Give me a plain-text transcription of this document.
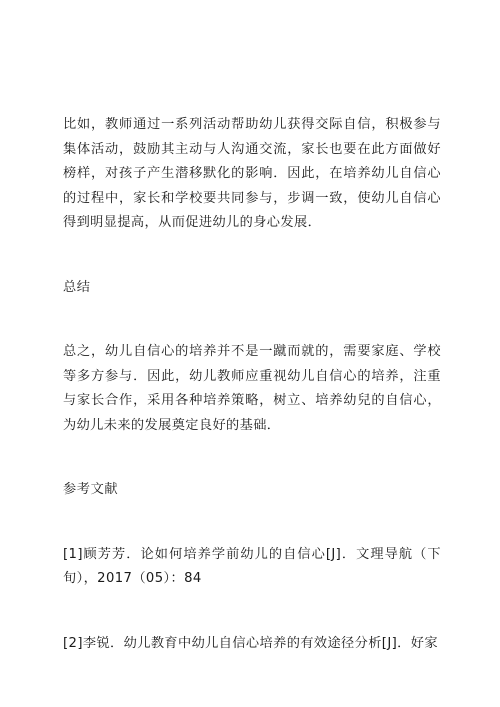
比如，教师通过一系列活动帮助幼儿获得交际自信，积极参与集体活动，鼓励其主动与人沟通交流，家长也要在此方面做好榜样，对孩子产生潜移默化的影响．因此，在培养幼儿自信心的过程中，家长和学校要共同参与，步调一致，使幼儿自信心得到明显提高，从而促进幼儿的身心发展．

总结

总之，幼儿自信心的培养并不是一蹴而就的，需要家庭、学校等多方参与．因此，幼儿教师应重视幼儿自信心的培养，注重与家长合作，采用各种培养策略，树立、培养幼兒的自信心，为幼儿未来的发展奠定良好的基础．

参考文献

[1]顾芳芳．论如何培养学前幼儿的自信心[J]．文理导航（下旬），2017（05）：84

[2]李锐．幼儿教育中幼儿自信心培养的有效途径分析[J]．好家
